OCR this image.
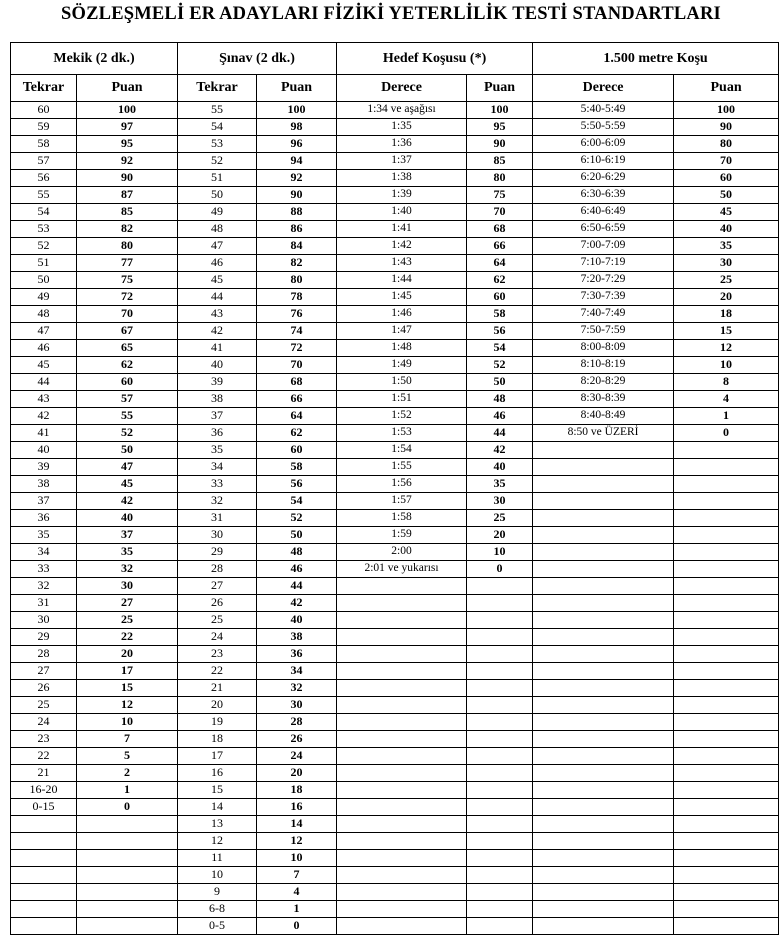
SÖZLEŞMELİ ER ADAYLARI FİZİKİ YETERLİLİK TESTİ STANDARTLARI
Mekik (2 dk.)		Şınav (2 dk.)		Hedef Koşusu (*)		1.500 metre Koşu	
Tekrar	Puan	Tekrar	Puan	Derece	Puan	Derece	Puan
60	100	55	100	1:34 ve aşağısı	100	5:40-5:49	100
59	97	54	98	1:35	95	5:50-5:59	90
58	95	53	96	1:36	90	6:00-6:09	80
57	92	52	94	1:37	85	6:10-6:19	70
56	90	51	92	1:38	80	6:20-6:29	60
55	87	50	90	1:39	75	6:30-6:39	50
54	85	49	88	1:40	70	6:40-6:49	45
53	82	48	86	1:41	68	6:50-6:59	40
52	80	47	84	1:42	66	7:00-7:09	35
51	77	46	82	1:43	64	7:10-7:19	30
50	75	45	80	1:44	62	7:20-7:29	25
49	72	44	78	1:45	60	7:30-7:39	20
48	70	43	76	1:46	58	7:40-7:49	18
47	67	42	74	1:47	56	7:50-7:59	15
46	65	41	72	1:48	54	8:00-8:09	12
45	62	40	70	1:49	52	8:10-8:19	10
44	60	39	68	1:50	50	8:20-8:29	8
43	57	38	66	1:51	48	8:30-8:39	4
42	55	37	64	1:52	46	8:40-8:49	1
41	52	36	62	1:53	44	8:50 ve ÜZERİ	0
40	50	35	60	1:54	42		
39	47	34	58	1:55	40		
38	45	33	56	1:56	35		
37	42	32	54	1:57	30		
36	40	31	52	1:58	25		
35	37	30	50	1:59	20		
34	35	29	48	2:00	10		
33	32	28	46	2:01 ve yukarısı	0		
32	30	27	44				
31	27	26	42				
30	25	25	40				
29	22	24	38				
28	20	23	36				
27	17	22	34				
26	15	21	32				
25	12	20	30				
24	10	19	28				
23	7	18	26				
22	5	17	24				
21	2	16	20				
16-20	1	15	18				
0-15	0	14	16				
		13	14				
		12	12				
		11	10				
		10	7				
		9	4				
		6-8	1				
		0-5	0				
